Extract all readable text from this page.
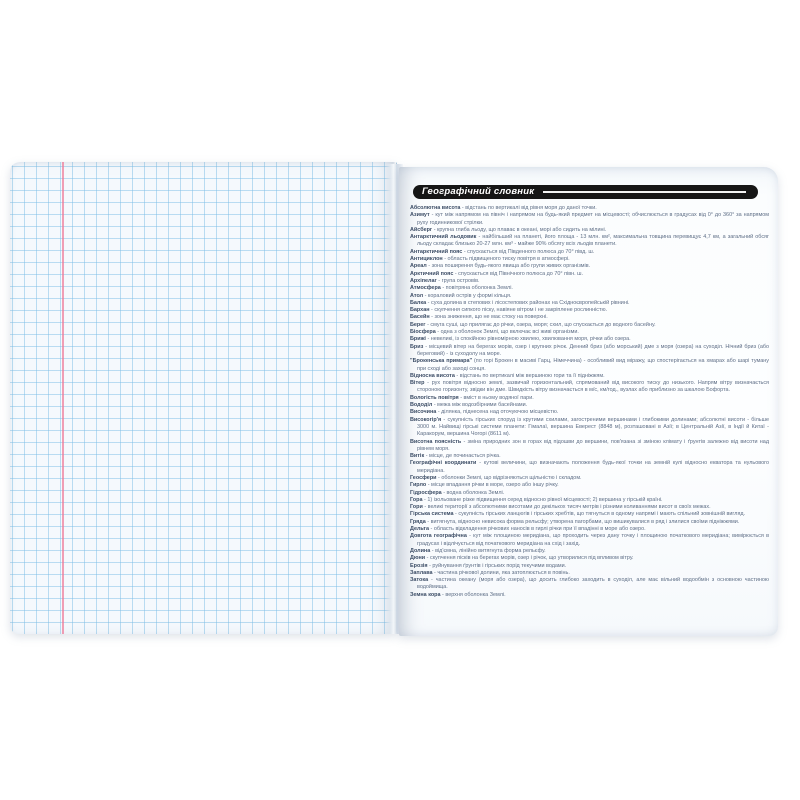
Географічний словник
Абсолютна висота - відстань по вертикалі від рівня моря до даної точки.
Азимут - кут між напрямом на північ і напрямом на будь-який предмет на місцевості; обчислюється в градусах від 0° до 360° за напрямом руху годинникової стрілки.
Айсберг - крупна глиба льоду, що плаває в океані, морі або сидить на мілині.
Антарктичний льодовик - найбільший на планеті, його площа - 13 млн. км², максимальна товщина перевищує 4,7 км, а загальний обсяг льоду складає близько 20-27 млн. км³ - майже 90% обсягу всіх льодів планети.
Антарктичний пояс - спускається від Південного полюса до 70° півд. ш.
Антициклон - область підвищеного тиску повітря в атмосфері.
Ареал - зона поширення будь-якого явища або групи живих організмів.
Арктичний пояс - спускається від Північного полюса до 70° півн. ш.
Архіпелаг - група островів.
Атмосфера - повітряна оболонка Землі.
Атол - кораловий острів у формі кільця.
Балка - суха долина в степових і лісостепових районах на Східноєвропейській рівнині.
Бархан - скупчення сипкого піску, навіяне вітром і не закріплене рослинністю.
Басейн - зона зниження, що не має стоку на поверхні.
Берег - смуга суші, що прилягає до річки, озера, моря; схил, що спускається до водного басейну.
Біосфера - одна з оболонок Землі, що включає всі живі організми.
Брижі - невеликі, із спокійною рівномірною хвилею, хвилювання моря, річки або озера.
Бриз - місцевий вітер на берегах морів, озер і крупних річок. Денний бриз (або морський) дме з моря (озера) на суходіл. Нічний бриз (або береговий) - із суходолу на море.
"Брокенська примара" (по горі Брокен в масиві Гарц, Німеччина) - особливий вид міражу, що спостерігається на хмарах або шарі туману при сході або заході сонця.
Відносна висота - відстань по вертикалі між вершиною гори та її підніжжям.
Вітер - рух повітря відносно землі, зазвичай горизонтальний, спрямований від високого тиску до низького. Напрям вітру визначається стороною горизонту, звідки він дме. Швидкість вітру визначається в м/с, км/год., вузлах або приблизно за шкалою Бофорта.
Вологість повітря - вміст в ньому водяної пари.
Вододіл - межа між водозбірними басейнами.
Височина - ділянка, піднесена над оточуючою місцевістю.
Високогір'я - сукупність гірських споруд із крутими схилами, загостреними вершинами і глибокими долинами; абсолютні висоти - більше 3000 м. Найвищі гірські системи планети: Гімалаї, вершина Еверест (8848 м), розташовані в Азії; в Центральній Азії, в Індії й Китаї - Каракорум, вершина Чогорі (8611 м).
Висотна поясність - зміна природних зон в горах від підошви до вершини, пов'язана зі зміною клімату і ґрунтів залежно від висоти над рівнем моря.
Витік - місце, де починається річка.
Географічні координати - кутові величини, що визначають положення будь-якої точки на земній кулі відносно екватора та нульового меридіана.
Геосфери - оболонки Землі, що відрізняються щільністю і складом.
Гирло - місце впадання річки в море, озеро або іншу річку.
Гідросфера - водна оболонка Землі.
Гора - 1) ізольоване різке підвищення серед відносно рівної місцевості; 2) вершина у гірській країні.
Гори - великі території з абсолютними висотами до декількох тисяч метрів і різними коливаннями висот в своїх межах.
Гірська система - сукупність гірських ланцюгів і гірських хребтів, що тягнуться в одному напрямі і мають спільний зовнішній вигляд.
Гряда - витягнута, відносно невисока форма рельєфу; утворена пагорбами, що вишикувалися в ряд і злилися своїми підніжжями.
Дельта - область відкладення річкових наносів в гирлі річки при її впадінні в море або озеро.
Довгота географічна - кут між площиною меридіана, що проходить через дану точку і площиною початкового меридіана; вимірюється в градусах і відлічується від початкового меридіана на схід і захід.
Долина - від'ємна, лінійно витягнута форма рельєфу.
Дюни - скупчення пісків на берегах морів, озер і річок, що утворилися під впливом вітру.
Ерозія - руйнування ґрунтів і гірських порід текучими водами.
Заплава - частина річкової долини, яка затоплюється в повінь.
Затока - частина океану (моря або озера), що досить глибоко заходить в суходіл, але має вільний водообмін з основною частиною водоймища.
Земна кора - верхня оболонка Землі.
